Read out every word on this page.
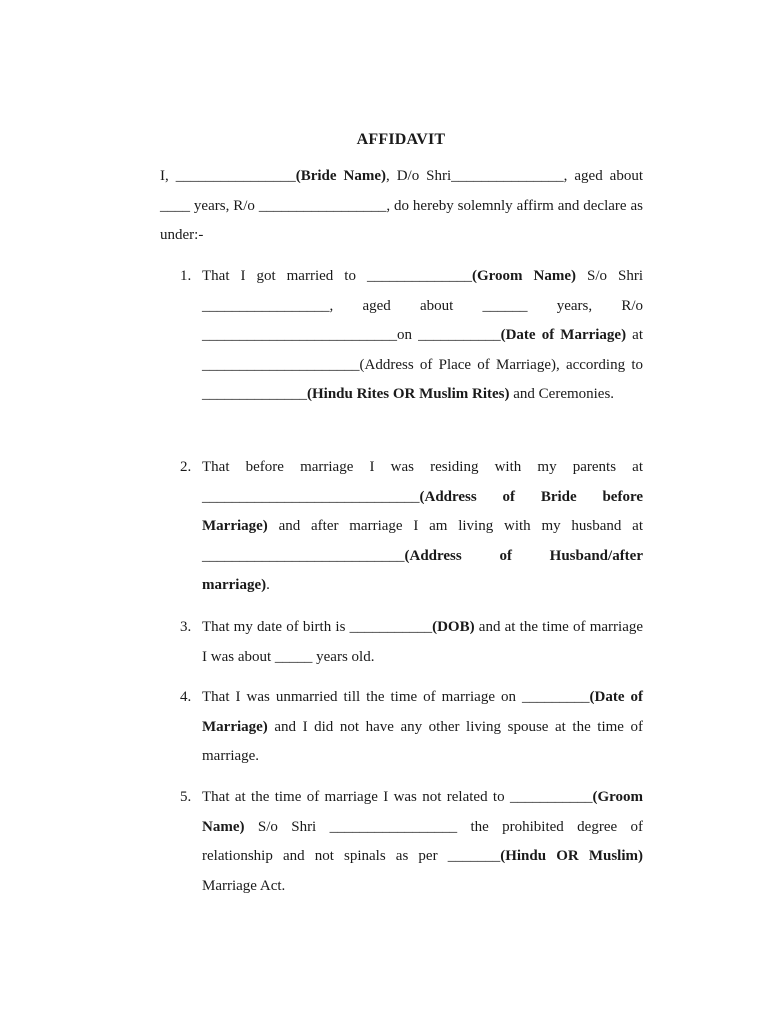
AFFIDAVIT

I, ________________(Bride Name), D/o Shri_______________, aged about ____ years, R/o _________________, do hereby solemnly affirm and declare as under:-

1. That I got married to ______________(Groom Name) S/o Shri _________________, aged about ______ years, R/o __________________________on ___________(Date of Marriage) at _____________________(Address of Place of Marriage), according to ______________(Hindu Rites OR Muslim Rites) and Ceremonies.
2. That before marriage I was residing with my parents at _____________________________(Address of Bride before Marriage) and after marriage I am living with my husband at ___________________________(Address of Husband/after marriage).
3. That my date of birth is ___________(DOB) and at the time of marriage I was about _____ years old.
4. That I was unmarried till the time of marriage on _________(Date of Marriage) and I did not have any other living spouse at the time of marriage.
5. That at the time of marriage I was not related to ___________(Groom Name) S/o Shri _________________ the prohibited degree of relationship and not spinals as per _______(Hindu OR Muslim) Marriage Act.
